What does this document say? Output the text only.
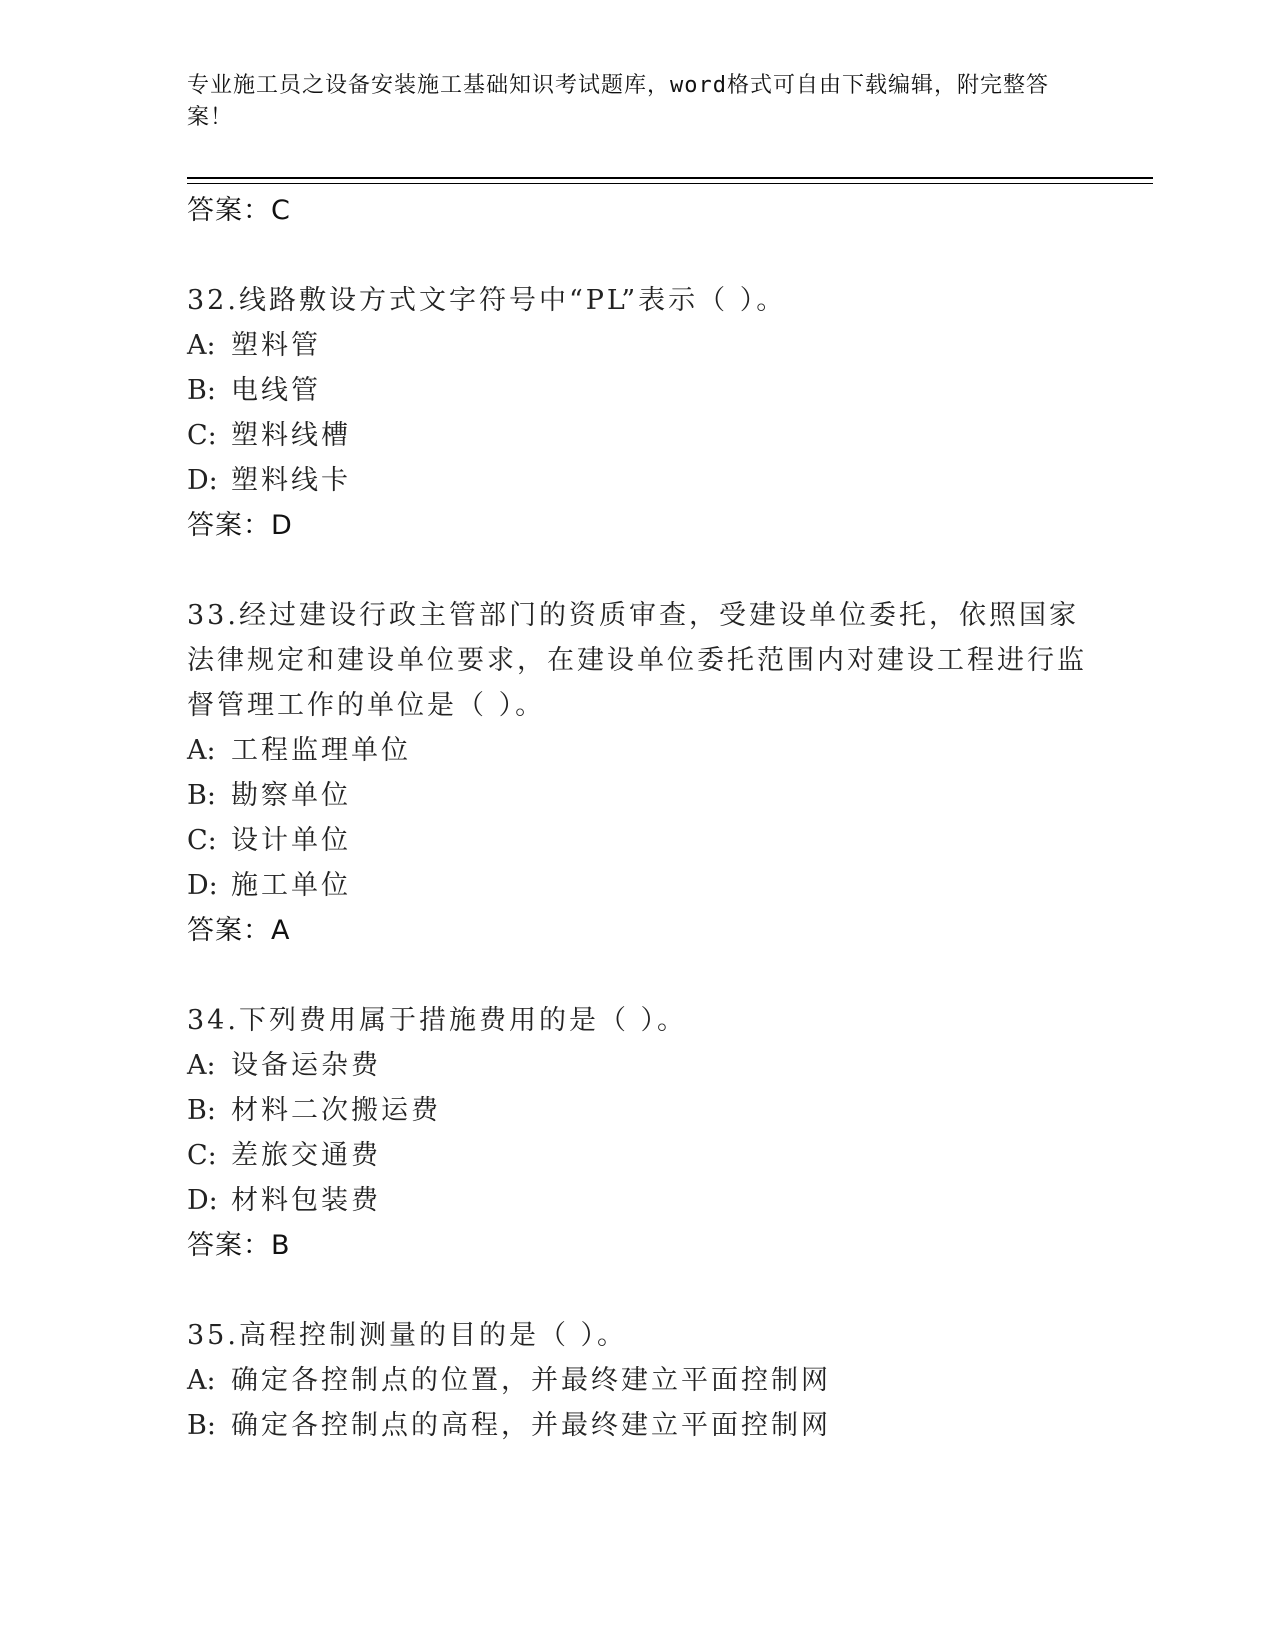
专业施工员之设备安装施工基础知识考试题库，word格式可自由下载编辑，附完整答案！
答案：C
32.线路敷设方式文字符号中“PL”表示（ ）。
A: 塑料管
B: 电线管
C: 塑料线槽
D: 塑料线卡
答案：D
33.经过建设行政主管部门的资质审查，受建设单位委托，依照国家法律规定和建设单位要求，在建设单位委托范围内对建设工程进行监督管理工作的单位是（ ）。
A: 工程监理单位
B: 勘察单位
C: 设计单位
D: 施工单位
答案：A
34.下列费用属于措施费用的是（ ）。
A: 设备运杂费
B: 材料二次搬运费
C: 差旅交通费
D: 材料包装费
答案：B
35.高程控制测量的目的是（ ）。
A: 确定各控制点的位置，并最终建立平面控制网
B: 确定各控制点的高程，并最终建立平面控制网
